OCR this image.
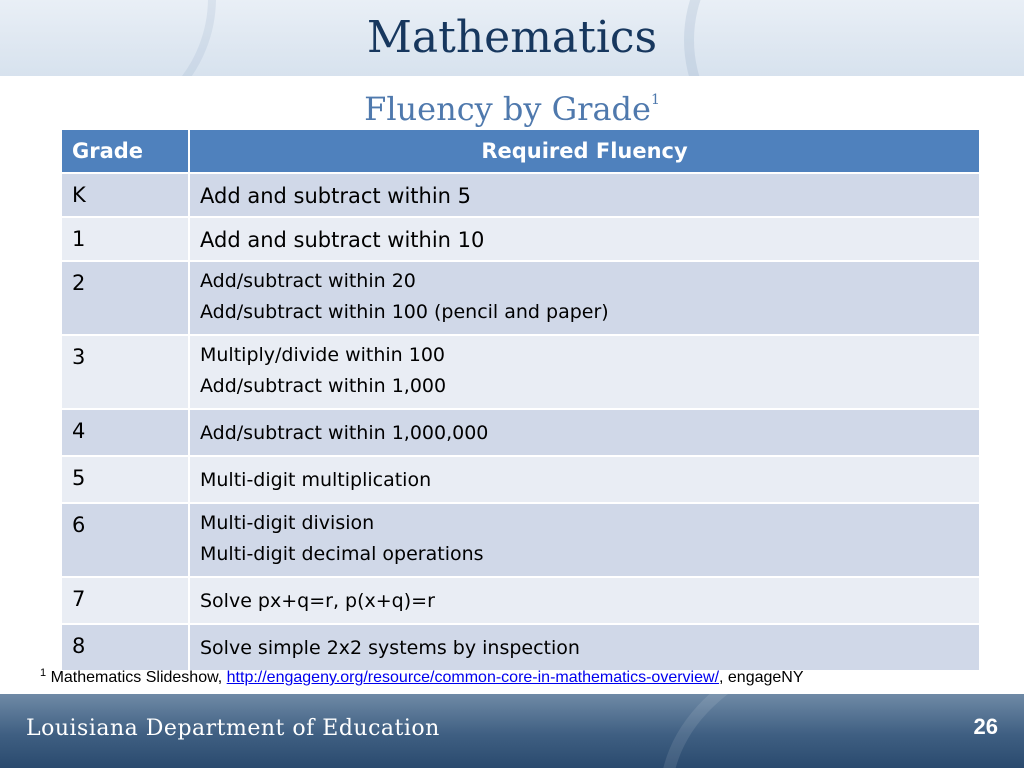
Mathematics
Fluency by Grade$^1$
Grade	Required Fluency
K	Add and subtract within 5

1	Add and subtract within 10

2	Add/subtract within 20
Add/subtract within 100 (pencil and paper)

3	Multiply/divide within 100
Add/subtract within 1,000

4	Add/subtract within 1,000,000

5	Multi-digit multiplication

6	Multi-digit division
Multi-digit decimal operations

7	Solve px+q=r, p(x+q)=r

8	Solve simple 2x2 systems by inspection
$^1$ Mathematics Slideshow, http://engageny.org/resource/common-core-in-mathematics-overview/, engageNY
Louisiana Department of Education	26
